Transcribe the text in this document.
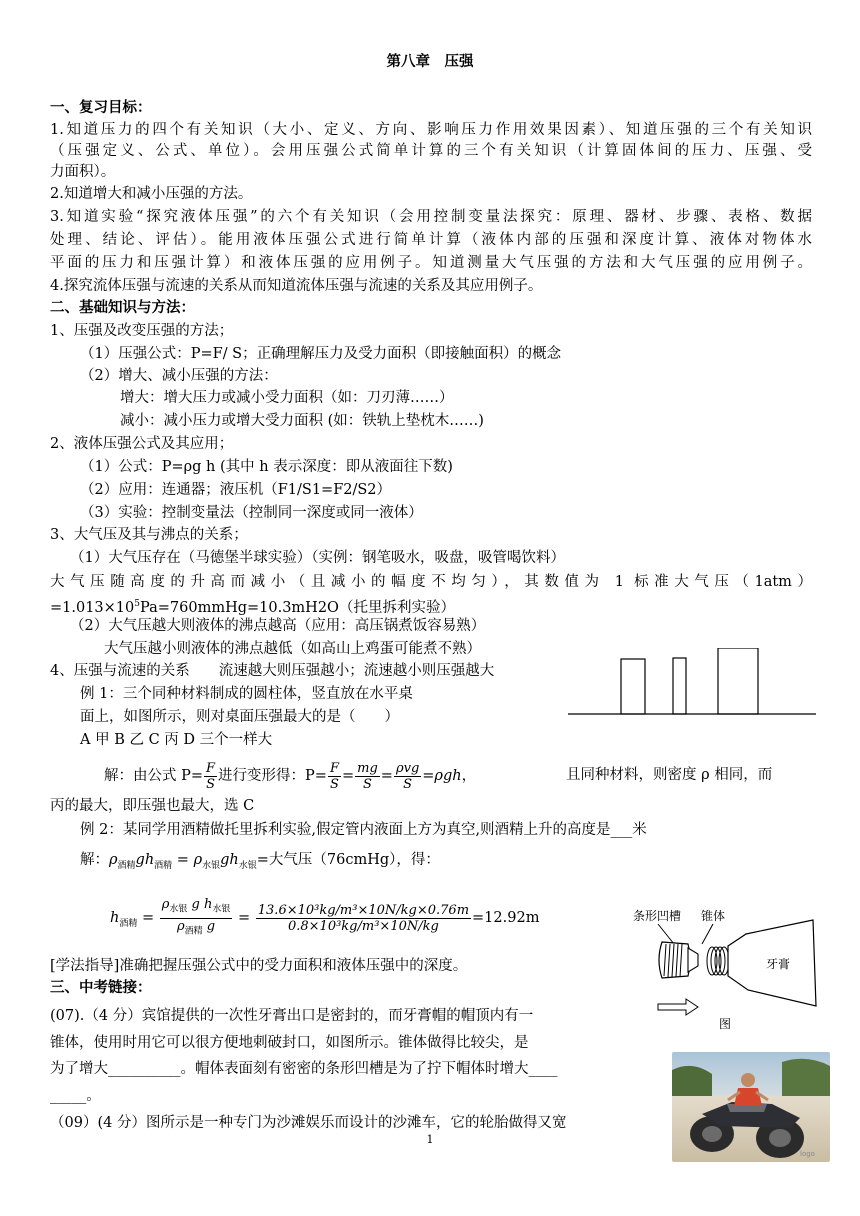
第八章　压强
一、复习目标：
1.知道压力的四个有关知识（大小、定义、方向、影响压力作用效果因素）、知道压强的三个有关知识
（压强定义、公式、单位）。会用压强公式简单计算的三个有关知识（计算固体间的压力、压强、受
力面积）。
2.知道增大和减小压强的方法。
3.知道实验“探究液体压强”的六个有关知识（会用控制变量法探究：原理、器材、步骤、表格、数据
处理、结论、评估）。能用液体压强公式进行简单计算（液体内部的压强和深度计算、液体对物体水
平面的压力和压强计算）和液体压强的应用例子。知道测量大气压强的方法和大气压强的应用例子。
4.探究流体压强与流速的关系从而知道流体压强与流速的关系及其应用例子。
二、基础知识与方法：
1、压强及改变压强的方法；
（1）压强公式：P=F/ S；正确理解压力及受力面积（即接触面积）的概念
（2）增大、减小压强的方法：
增大：增大压力或减小受力面积（如：刀刃薄……）
减小：减小压力或增大受力面积 (如：铁轨上垫枕木……)
2、液体压强公式及其应用；
（1）公式：P=ρg h (其中 h 表示深度：即从液面往下数)
（2）应用：连通器；液压机（F1/S1=F2/S2）
（3）实验：控制变量法（控制同一深度或同一液体）
3、大气压及其与沸点的关系；
（1）大气压存在（马德堡半球实验）（实例：钢笔吸水，吸盘，吸管喝饮料）
大气压随高度的升高而减小（且减小的幅度不均匀），其数值为 1 标准大气压（1atm）
$=1.013\times 10^5Pa=760mmHg=10.3mH2O$（托里拆利实验）
（2）大气压越大则液体的沸点越高（应用：高压锅煮饭容易熟）
大气压越小则液体的沸点越低（如高山上鸡蛋可能煮不熟）
4、压强与流速的关系　　流速越大则压强越小；流速越小则压强越大
例 1：三个同种材料制成的圆柱体，竖直放在水平桌
面上，如图所示，则对桌面压强最大的是（　　）
A 甲 B 乙 C 丙 D 三个一样大
解：由公式 $P= \frac{F}{S}$ 进行变形得：$P= \frac{F}{S} = \frac{mg}{S} = \frac{\text{ρvg}}{S} =\rho gh$，	且同种材料，则密度 ρ 相同，而
丙的最大，即压强也最大，选 C
例 2：某同学用酒精做托里拆利实验,假定管内液面上方为真空,则酒精上升的高度是___米
解：$\rho_{酒精}gh_{酒精} = \rho_{水银}gh_{水银}=$大气压（76cmHg），得：
$h_{酒精} = \frac{\rho_{水银} g h_{水银}}{\rho_{酒精} g} = \frac{\text{13.6×10³kg/m³×10N/kg×0.76m}}{\text{0.8×10³kg/m³×10N/kg}} =12.92m$	条形凹槽 锥体
牙膏
图
[学法指导]准确把握压强公式中的受力面积和液体压强中的深度。
三、中考链接：
(07).（4 分）宾馆提供的一次性牙膏出口是密封的，而牙膏帽的帽顶内有一
锥体，使用时用它可以很方便地刺破封口，如图所示。锥体做得比较尖，是
为了增大__________。帽体表面刻有密密的条形凹槽是为了拧下帽体时增大____
_____。
（09）(4 分）图所示是一种专门为沙滩娱乐而设计的沙滩车，它的轮胎做得又宽
logo
1
